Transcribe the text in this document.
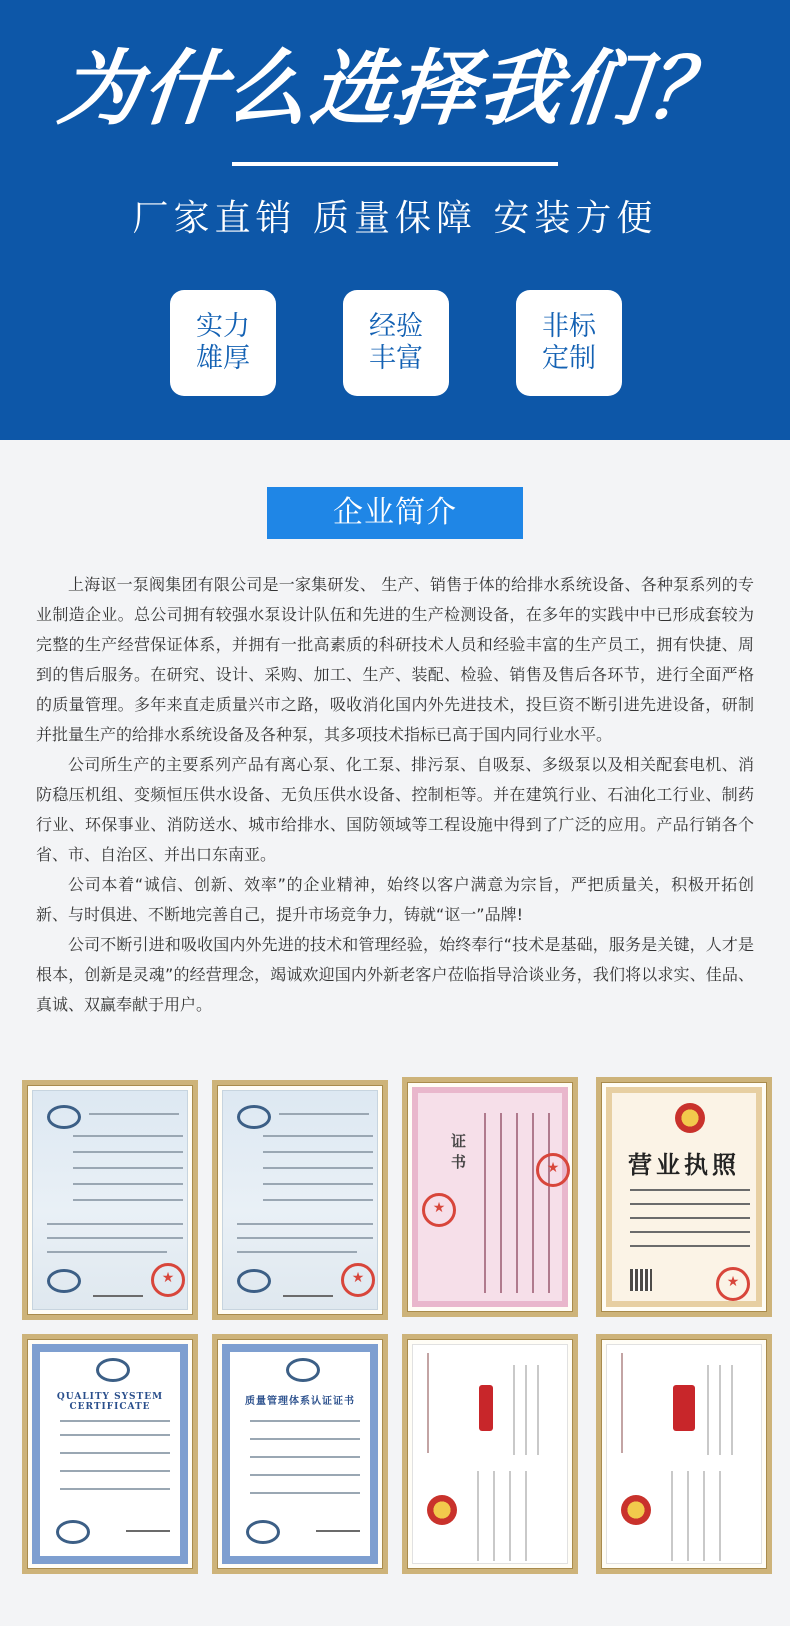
为什么选择我们？
厂家直销 质量保障 安装方便
实力
雄厚
经验
丰富
非标
定制
企业简介

上海讴一泵阀集团有限公司是一家集研发、 生产、销售于体的给排水系统设备、各种泵系列的专业制造企业。总公司拥有较强水泵设计队伍和先进的生产检测设备，在多年的实践中中已形成套较为完整的生产经营保证体系，并拥有一批高素质的科研技术人员和经验丰富的生产员工，拥有快捷、周到的售后服务。在研究、设计、采购、加工、生产、装配、检验、销售及售后各环节，进行全面严格的质量管理。多年来直走质量兴市之路，吸收消化国内外先进技术，投巨资不断引进先进设备，研制并批量生产的给排水系统设备及各种泵，其多项技术指标已高于国内同行业水平。

公司所生产的主要系列产品有离心泵、化工泵、排污泵、自吸泵、多级泵以及相关配套电机、消防稳压机组、变频恒压供水设备、无负压供水设备、控制柜等。并在建筑行业、石油化工行业、制药行业、环保事业、消防送水、城市给排水、国防领域等工程设施中得到了广泛的应用。产品行销各个省、市、自治区、并出口东南亚。

公司本着“诚信、创新、效率”的企业精神，始终以客户满意为宗旨，严把质量关，积极开拓创新、与时俱进、不断地完善自己，提升市场竞争力，铸就“讴一”品牌!

公司不断引进和吸收国内外先进的技术和管理经验，始终奉行“技术是基础，服务是关键，人才是根本，创新是灵魂”的经营理念，竭诚欢迎国内外新老客户莅临指导洽谈业务，我们将以求实、佳品、真诚、双赢奉献于用户。

★
★
证书
★
★	营业执照
★
QUALITY SYSTEM CERTIFICATE	质量管理体系认证证书
